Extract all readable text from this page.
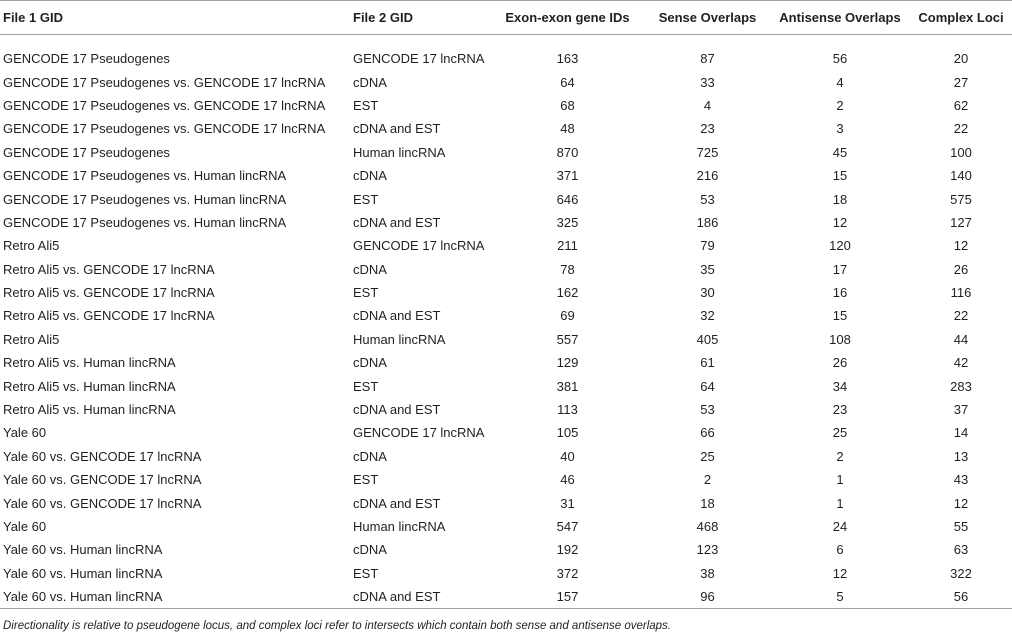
File 1 GID	File 2 GID	Exon-exon gene IDs	Sense Overlaps	Antisense Overlaps	Complex Loci

GENCODE 17 Pseudogenes	GENCODE 17 lncRNA	163	87	56	20
GENCODE 17 Pseudogenes vs. GENCODE 17 lncRNA	cDNA	64	33	4	27
GENCODE 17 Pseudogenes vs. GENCODE 17 lncRNA	EST	68	4	2	62
GENCODE 17 Pseudogenes vs. GENCODE 17 lncRNA	cDNA and EST	48	23	3	22
GENCODE 17 Pseudogenes	Human lincRNA	870	725	45	100
GENCODE 17 Pseudogenes vs. Human lincRNA	cDNA	371	216	15	140
GENCODE 17 Pseudogenes vs. Human lincRNA	EST	646	53	18	575
GENCODE 17 Pseudogenes vs. Human lincRNA	cDNA and EST	325	186	12	127
Retro Ali5	GENCODE 17 lncRNA	211	79	120	12
Retro Ali5 vs. GENCODE 17 lncRNA	cDNA	78	35	17	26
Retro Ali5 vs. GENCODE 17 lncRNA	EST	162	30	16	116
Retro Ali5 vs. GENCODE 17 lncRNA	cDNA and EST	69	32	15	22
Retro Ali5	Human lincRNA	557	405	108	44
Retro Ali5 vs. Human lincRNA	cDNA	129	61	26	42
Retro Ali5 vs. Human lincRNA	EST	381	64	34	283
Retro Ali5 vs. Human lincRNA	cDNA and EST	113	53	23	37
Yale 60	GENCODE 17 lncRNA	105	66	25	14
Yale 60 vs. GENCODE 17 lncRNA	cDNA	40	25	2	13
Yale 60 vs. GENCODE 17 lncRNA	EST	46	2	1	43
Yale 60 vs. GENCODE 17 lncRNA	cDNA and EST	31	18	1	12
Yale 60	Human lincRNA	547	468	24	55
Yale 60 vs. Human lincRNA	cDNA	192	123	6	63
Yale 60 vs. Human lincRNA	EST	372	38	12	322
Yale 60 vs. Human lincRNA	cDNA and EST	157	96	5	56
Directionality is relative to pseudogene locus, and complex loci refer to intersects which contain both sense and antisense overlaps.
